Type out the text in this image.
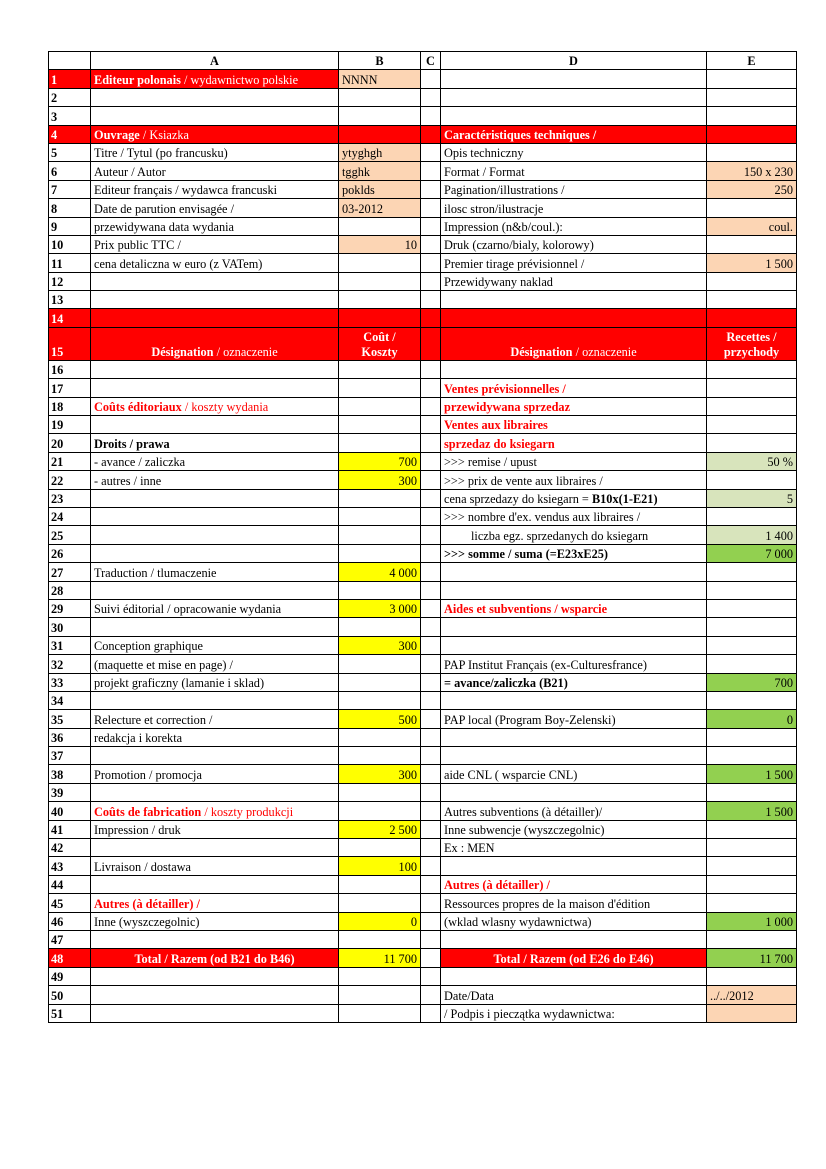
	A	B	C	D	E
1	Editeur polonais / wydawnictwo polskie	NNNN			
2					
3					
4	Ouvrage / Ksiazka			Caractéristiques techniques /	
5	Titre / Tytul (po francusku)	ytyghgh		Opis techniczny	
6	Auteur / Autor	tgghk		Format / Format	150 x 230
7	Editeur français / wydawca francuski	poklds		Pagination/illustrations /	250
8	Date de parution envisagée /	03-2012		ilosc stron/ilustracje	
9	przewidywana data wydania			Impression (n&b/coul.):	coul.
10	Prix public TTC /	10		Druk (czarno/bialy, kolorowy)	
11	cena detaliczna w euro (z VATem)			Premier tirage prévisionnel /	1 500
12				Przewidywany naklad	
13					
14					
15	Désignation / oznaczenie	Coût /
Koszty		Désignation / oznaczenie	Recettes /
przychody
16					
17				Ventes prévisionnelles /	
18	Coûts éditoriaux / koszty wydania			przewidywana sprzedaz	
19				Ventes aux libraires	
20	Droits / prawa			sprzedaz do ksiegarn	
21	- avance / zaliczka	700		>>> remise / upust	50 %
22	- autres / inne	300		>>> prix de vente aux libraires /	
23				cena sprzedazy do ksiegarn = B10x(1-E21)	5
24				>>> nombre d'ex. vendus aux libraires /	
25				liczba egz. sprzedanych do ksiegarn	1 400
26				>>> somme / suma (=E23xE25)	7 000
27	Traduction / tlumaczenie	4 000			
28					
29	Suivi éditorial / opracowanie wydania	3 000		Aides et subventions / wsparcie	
30					
31	Conception graphique	300			
32	(maquette et mise en page) /			PAP Institut Français (ex-Culturesfrance)	
33	projekt graficzny (lamanie i sklad)			= avance/zaliczka (B21)	700
34					
35	Relecture et correction /	500		PAP local (Program Boy-Zelenski)	0
36	redakcja i korekta				
37					
38	Promotion / promocja	300		aide CNL ( wsparcie CNL)	1 500
39					
40	Coûts de fabrication / koszty produkcji			Autres subventions (à détailler)/	1 500
41	Impression / druk	2 500		Inne subwencje (wyszczegolnic)	
42				Ex : MEN	
43	Livraison / dostawa	100			
44				Autres (à détailler) /	
45	Autres (à détailler) /			Ressources propres de la maison d'édition	
46	Inne (wyszczegolnic)	0		(wklad wlasny wydawnictwa)	1 000
47					
48	Total / Razem (od B21 do B46)	11 700		Total / Razem (od E26 do E46)	11 700
49					
50				Date/Data	../../2012
51				/ Podpis i pieczątka wydawnictwa:	
